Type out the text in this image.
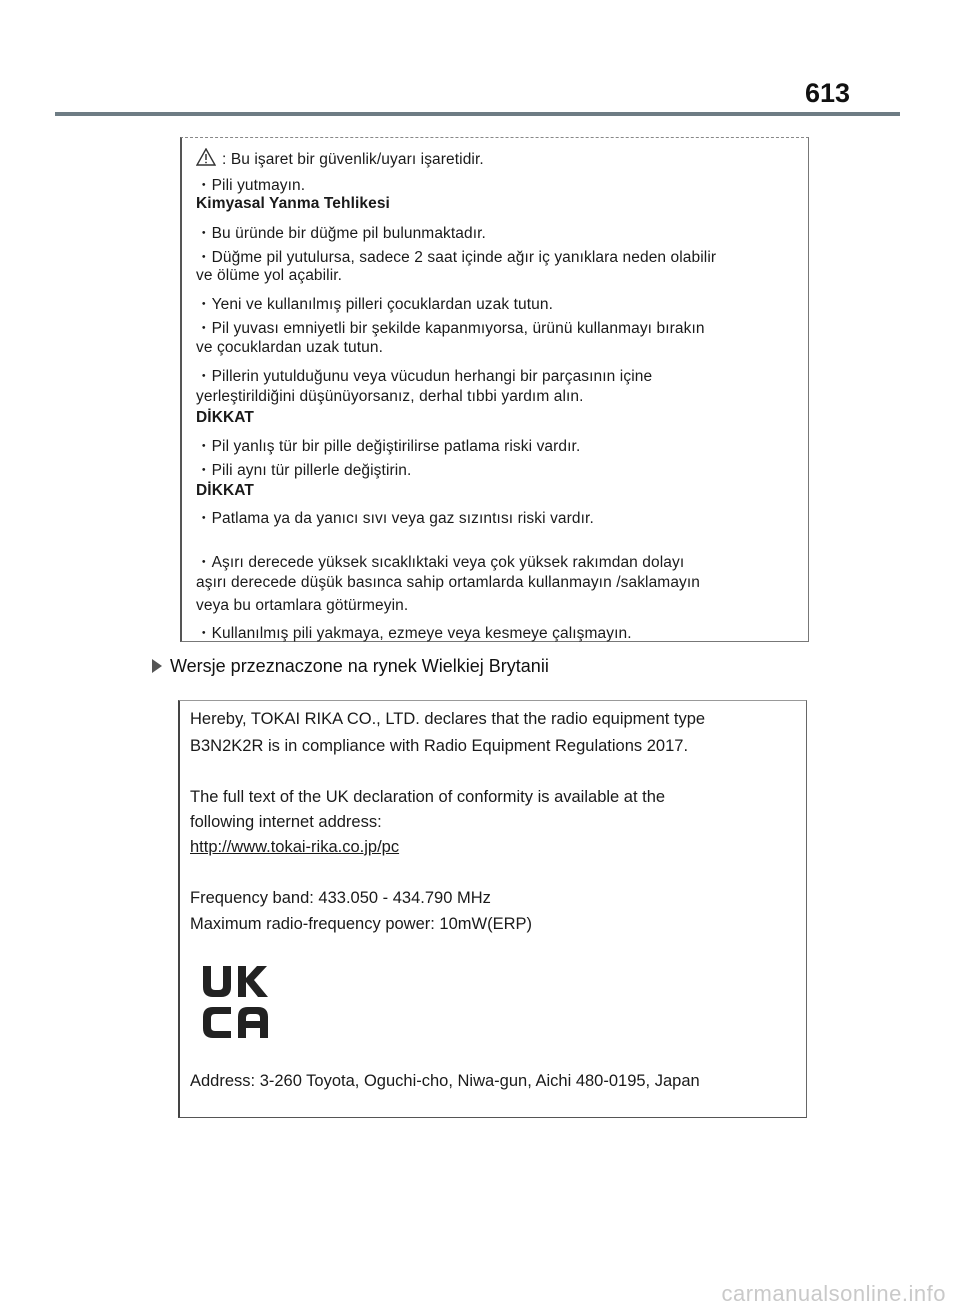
613
: Bu işaret bir güvenlik/uyarı işaretidir.
・Pili yutmayın.
Kimyasal Yanma Tehlikesi
・Bu üründe bir düğme pil bulunmaktadır.
・Düğme pil yutulursa, sadece 2 saat içinde ağır iç yanıklara neden olabilir
ve ölüme yol açabilir.
・Yeni ve kullanılmış pilleri çocuklardan uzak tutun.
・Pil yuvası emniyetli bir şekilde kapanmıyorsa, ürünü kullanmayı bırakın
ve çocuklardan uzak tutun.
・Pillerin yutulduğunu veya vücudun herhangi bir parçasının içine
yerleştirildiğini düşünüyorsanız, derhal tıbbi yardım alın.
DİKKAT
・Pil yanlış tür bir pille değiştirilirse patlama riski vardır.
・Pili aynı tür pillerle değiştirin.
DİKKAT
・Patlama ya da yanıcı sıvı veya gaz sızıntısı riski vardır.
・Aşırı derecede yüksek sıcaklıktaki veya çok yüksek rakımdan dolayı
aşırı derecede düşük basınca sahip ortamlarda kullanmayın /saklamayın
veya bu ortamlara götürmeyin.
・Kullanılmış pili yakmaya, ezmeye veya kesmeye çalışmayın.
Wersje przeznaczone na rynek Wielkiej Brytanii
Hereby, TOKAI RIKA CO., LTD. declares that the radio equipment type
B3N2K2R is in compliance with Radio Equipment Regulations 2017.
The full text of the UK declaration of conformity is available at the
following internet address:
http://www.tokai-rika.co.jp/pc
Frequency band: 433.050 - 434.790 MHz
Maximum radio-frequency power: 10mW(ERP)
Address: 3-260 Toyota, Oguchi-cho, Niwa-gun, Aichi 480-0195, Japan
carmanualsonline.info
